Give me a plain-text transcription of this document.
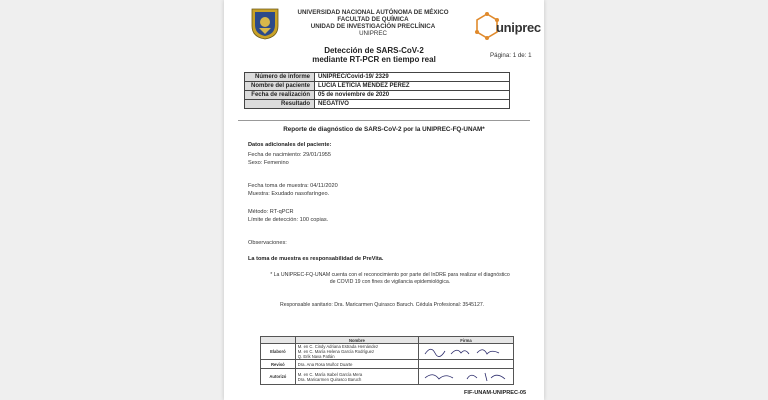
UNIVERSIDAD NACIONAL AUTÓNOMA DE MÉXICO
FACULTAD DE QUÍMICA
UNIDAD DE INVESTIGACIÓN PRECLÍNICA
UNIPREC	uniprec
Detección de SARS-CoV-2
mediante RT-PCR en tiempo real	Página: 1 de: 1
Número de informe	UNIPREC/Covid-19/ 2329
Nombre del paciente	LUCIA LETICIA MENDEZ PEREZ
Fecha de realización	05 de noviembre de 2020
Resultado	NEGATIVO
Reporte de diagnóstico de SARS-CoV-2 por la UNIPREC-FQ-UNAM*
Datos adicionales del paciente:
Fecha de nacimiento: 29/01/1955
Sexo: Femenino
Fecha toma de muestra: 04/11/2020
Muestra: Exudado nasofaríngeo.
Método: RT-qPCR
Límite de detección: 100 copias.
Observaciones:
La toma de muestra es responsabilidad de PreVita.
* La UNIPREC-FQ-UNAM cuenta con el reconocimiento por parte del InDRE para realizar el diagnóstico de COVID 19 con fines de vigilancia epidemiológica.
Responsable sanitario: Dra. Maricarmen Quirasco Baruch. Cédula Profesional: 3545127.
	Nombre	Firma
Elaboró	M. en C. Cindy Adriana Estrada Hernández
M. en C. María Helena García Rodríguez
Q. Erik Nava Patlán	
Revisó	Dra. Ana Rosa Muñoz Duarte	
Autorizó	M. en C. María Isabel García Mera
Dra. Maricarmen Quirasco Baruch	
FIF-UNAM-UNIPREC-05
